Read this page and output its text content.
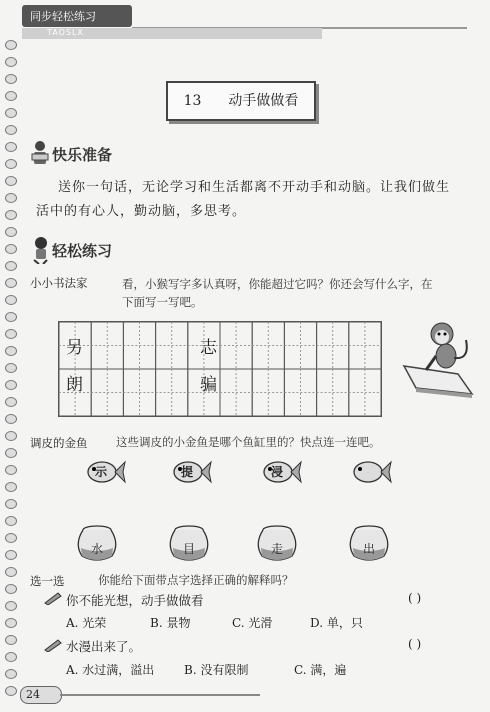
同步轻松练习
TAOSLX
13 动手做做看
快乐准备
送你一句话，无论学习和生活都离不开动手和动脑。让我们做生
活中的有心人，勤动脑，多思考。
轻松练习
小小书法家	看，小猴写字多认真呀，你能超过它吗？你还会写什么字，在
下面写一写吧。
另	志
朗	骗
调皮的金鱼 这些调皮的小金鱼是哪个鱼缸里的？快点连一连吧。
示	提	浸
水	目	走	出
选一选	你能给下面带点字选择正确的解释吗？
你不能光想，动手做做看	( )
A. 光荣	B. 景物	C. 光滑	D. 单，只
水漫出来了。	( )
A. 水过满，溢出 B. 没有限制	C. 满，遍
24
